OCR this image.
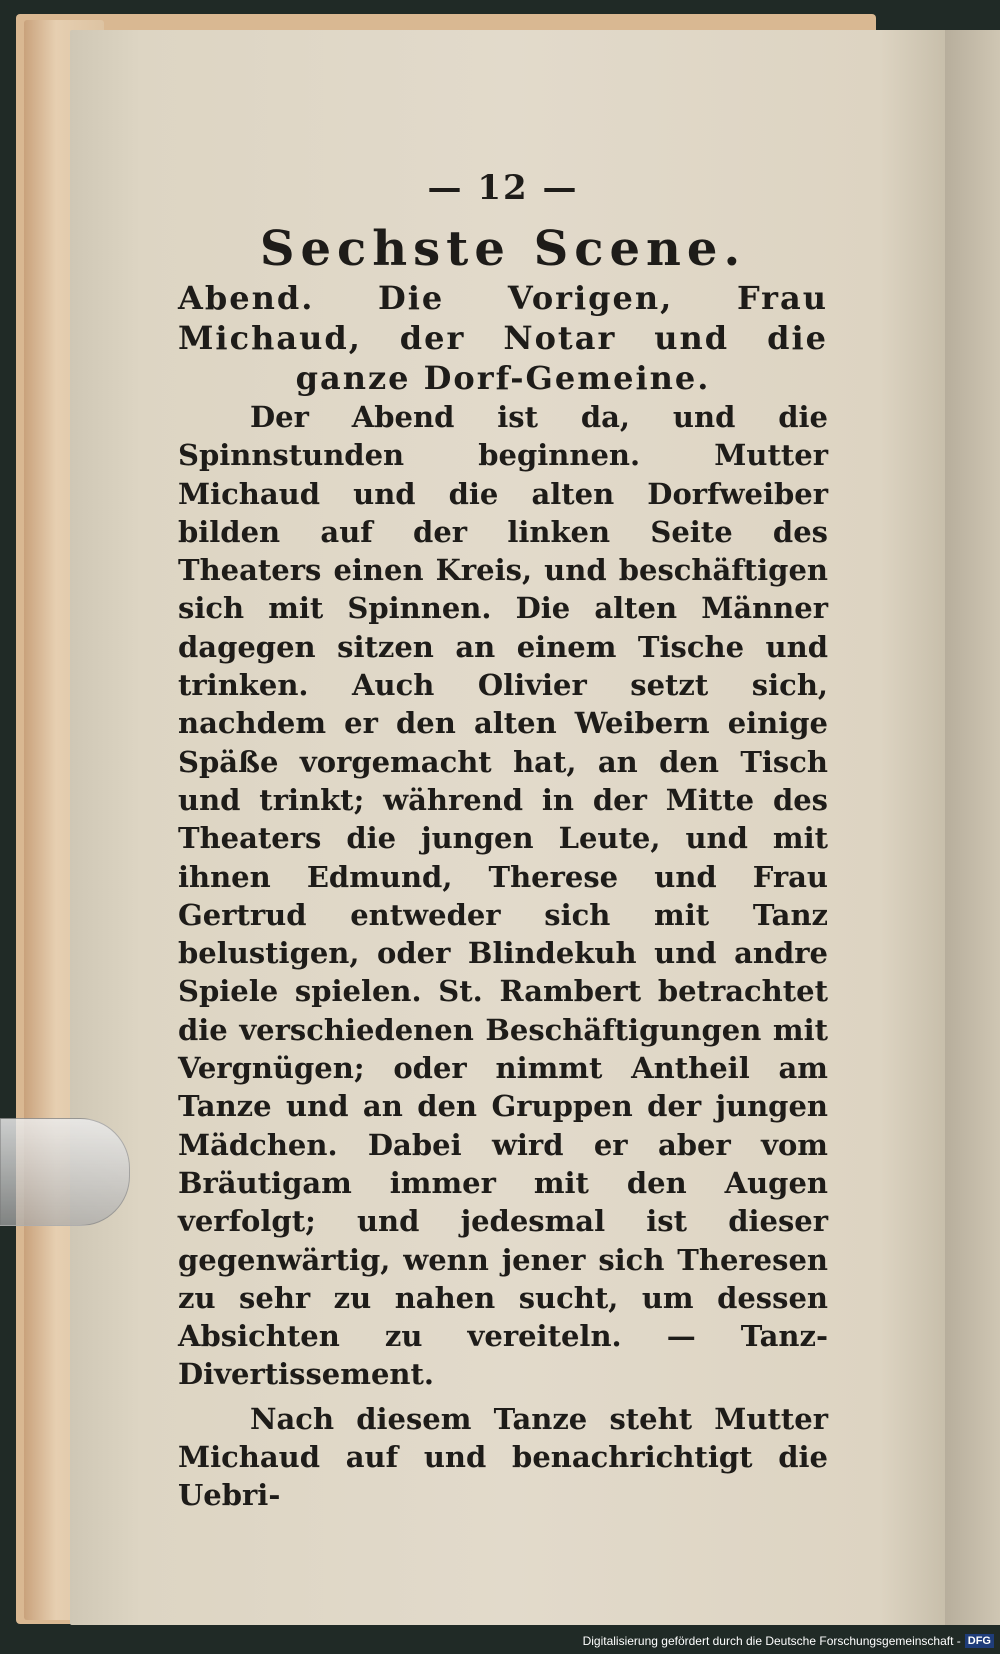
— 12 —
Sechste Scene.
Abend. Die Vorigen, Frau Michaud, der Notar und die ganze Dorf-Gemeine.

Der Abend ist da, und die Spinnstunden beginnen. Mutter Michaud und die alten Dorfweiber bilden auf der linken Seite des Theaters einen Kreis, und beschäftigen sich mit Spinnen. Die alten Männer dagegen sitzen an einem Tische und trinken. Auch Olivier setzt sich, nachdem er den alten Weibern einige Späße vorgemacht hat, an den Tisch und trinkt; während in der Mitte des Theaters die jungen Leute, und mit ihnen Edmund, Therese und Frau Gertrud entweder sich mit Tanz belustigen, oder Blindekuh und andre Spiele spielen. St. Rambert betrachtet die verschiedenen Beschäftigungen mit Vergnügen; oder nimmt Antheil am Tanze und an den Gruppen der jungen Mädchen. Dabei wird er aber vom Bräutigam immer mit den Augen verfolgt; und jedesmal ist dieser gegenwärtig, wenn jener sich Theresen zu sehr zu nahen sucht, um dessen Absichten zu vereiteln. — Tanz-Divertissement.

Nach diesem Tanze steht Mutter Michaud auf und benachrichtigt die Uebri-

Digitalisierung gefördert durch die Deutsche Forschungsgemeinschaft - DFG
